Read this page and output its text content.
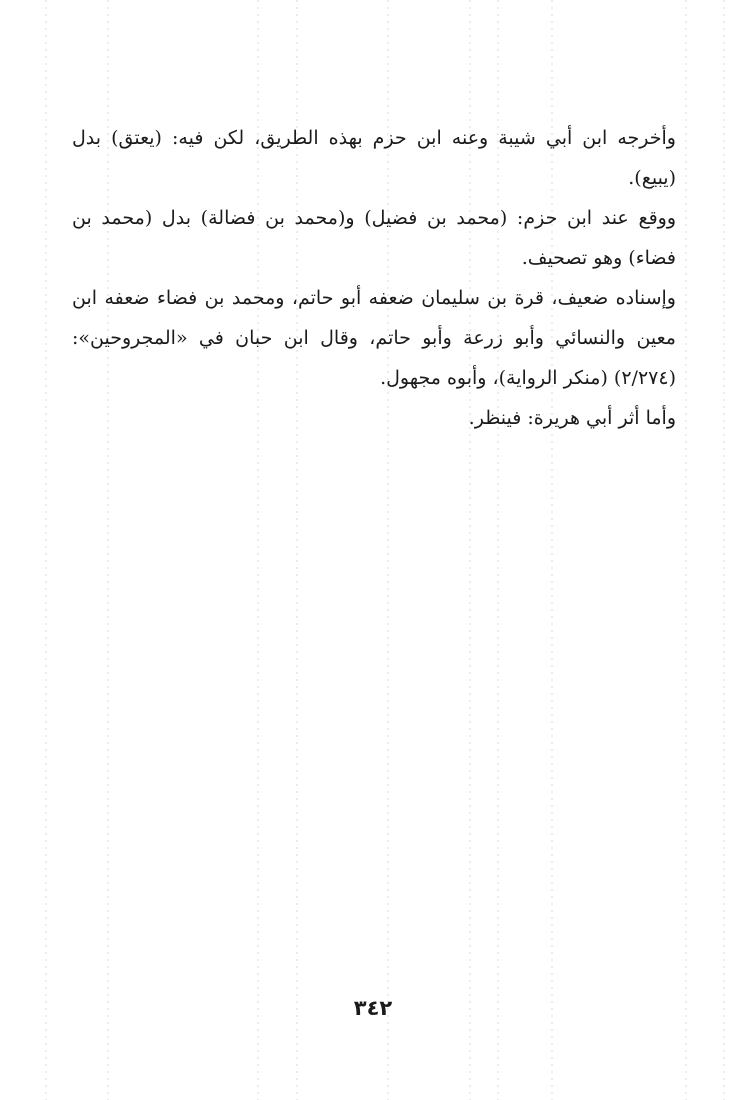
وأخرجه ابن أبي شيبة وعنه ابن حزم بهذه الطريق، لكن فيه: (يعتق) بدل (يبيع).

ووقع عند ابن حزم: (محمد بن فضيل) و(محمد بن فضالة) بدل (محمد بن فضاء) وهو تصحيف.

وإسناده ضعيف، قرة بن سليمان ضعفه أبو حاتم، ومحمد بن فضاء ضعفه ابن معين والنسائي وأبو زرعة وأبو حاتم، وقال ابن حبان في «المجروحين»: (٢/٢٧٤) (منكر الرواية)، وأبوه مجهول.

وأما أثر أبي هريرة: فينظر.

٣٤٢
